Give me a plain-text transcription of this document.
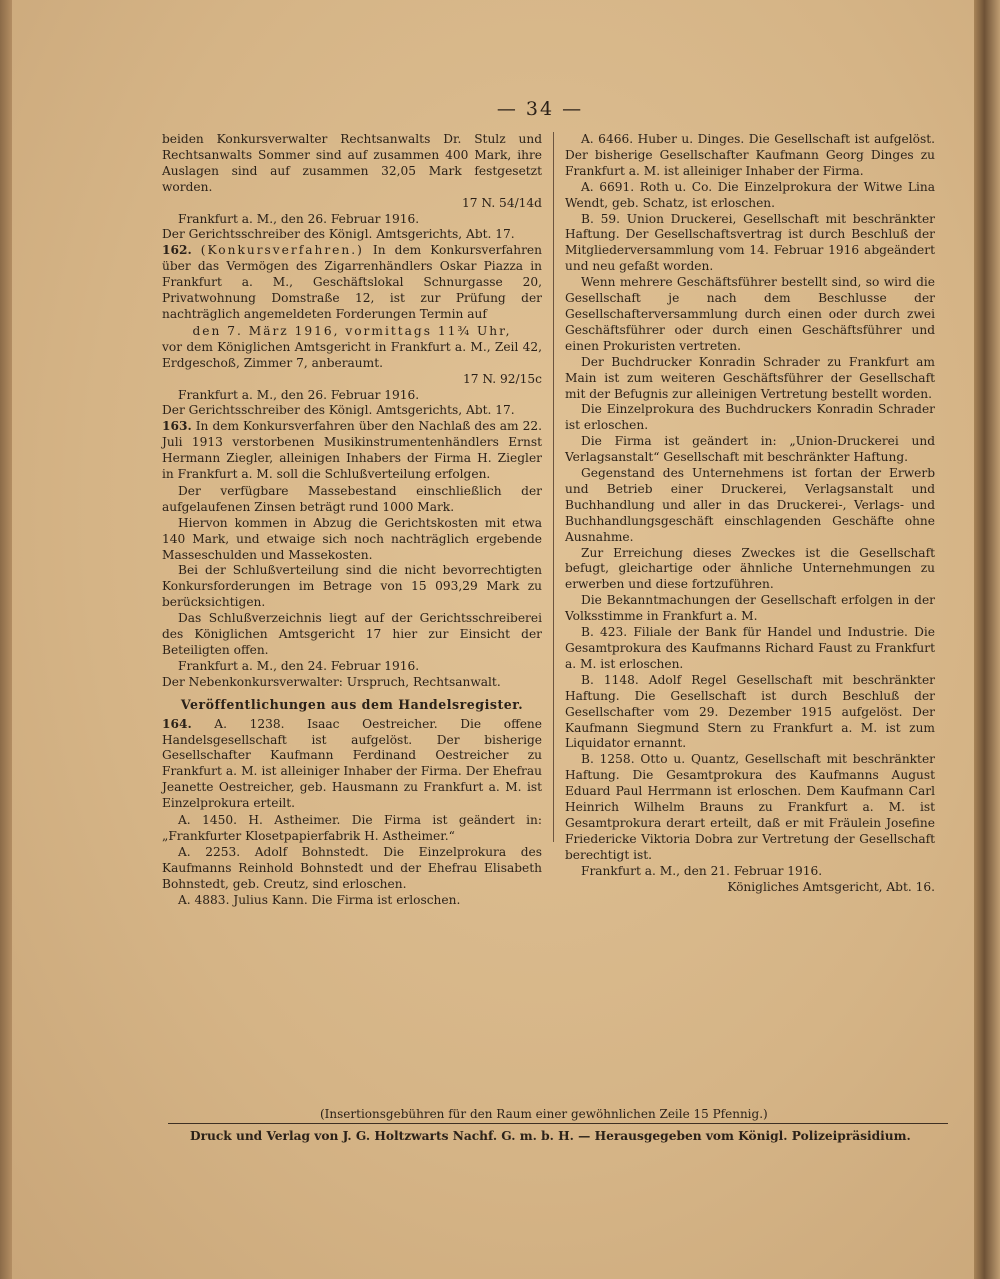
— 34 —

beiden Konkursverwalter Rechtsanwalts Dr. Stulz und Rechtsanwalts Sommer sind auf zusammen 400 Mark, ihre Auslagen sind auf zusammen 32,05 Mark festgesetzt worden.

17 N. 54/14d

Frankfurt a. M., den 26. Februar 1916.

Der Gerichtsschreiber des Königl. Amtsgerichts, Abt. 17.

162. (Konkursverfahren.) In dem Konkursverfahren über das Vermögen des Zigarrenhändlers Oskar Piazza in Frankfurt a. M., Geschäftslokal Schnurgasse 20, Privatwohnung Domstraße 12, ist zur Prüfung der nachträglich angemeldeten Forderungen Termin auf

den 7. März 1916, vormittags 11¾ Uhr,

vor dem Königlichen Amtsgericht in Frankfurt a. M., Zeil 42, Erdgeschoß, Zimmer 7, anberaumt.

17 N. 92/15c

Frankfurt a. M., den 26. Februar 1916.

Der Gerichtsschreiber des Königl. Amtsgerichts, Abt. 17.

163. In dem Konkursverfahren über den Nachlaß des am 22. Juli 1913 verstorbenen Musikinstrumentenhändlers Ernst Hermann Ziegler, alleinigen Inhabers der Firma H. Ziegler in Frankfurt a. M. soll die Schlußverteilung erfolgen.

Der verfügbare Massebestand einschließlich der aufgelaufenen Zinsen beträgt rund 1000 Mark.

Hiervon kommen in Abzug die Gerichtskosten mit etwa 140 Mark, und etwaige sich noch nachträglich ergebende Masseschulden und Massekosten.

Bei der Schlußverteilung sind die nicht bevorrechtigten Konkursforderungen im Betrage von 15 093,29 Mark zu berücksichtigen.

Das Schlußverzeichnis liegt auf der Gerichtsschreiberei des Königlichen Amtsgericht 17 hier zur Einsicht der Beteiligten offen.

Frankfurt a. M., den 24. Februar 1916.

Der Nebenkonkursverwalter: Urspruch, Rechtsanwalt.

Veröffentlichungen aus dem Handelsregister.

164. A. 1238. Isaac Oestreicher. Die offene Handelsgesellschaft ist aufgelöst. Der bisherige Gesellschafter Kaufmann Ferdinand Oestreicher zu Frankfurt a. M. ist alleiniger Inhaber der Firma. Der Ehefrau Jeanette Oestreicher, geb. Hausmann zu Frankfurt a. M. ist Einzelprokura erteilt.

A. 1450. H. Astheimer. Die Firma ist geändert in: „Frankfurter Klosetpapierfabrik H. Astheimer.“

A. 2253. Adolf Bohnstedt. Die Einzelprokura des Kaufmanns Reinhold Bohnstedt und der Ehefrau Elisabeth Bohnstedt, geb. Creutz, sind erloschen.

A. 4883. Julius Kann. Die Firma ist erloschen.

A. 6466. Huber u. Dinges. Die Gesellschaft ist aufgelöst. Der bisherige Gesellschafter Kaufmann Georg Dinges zu Frankfurt a. M. ist alleiniger Inhaber der Firma.

A. 6691. Roth u. Co. Die Einzelprokura der Witwe Lina Wendt, geb. Schatz, ist erloschen.

B. 59. Union Druckerei, Gesellschaft mit beschränkter Haftung. Der Gesellschaftsvertrag ist durch Beschluß der Mitgliederversammlung vom 14. Februar 1916 abgeändert und neu gefaßt worden.

Wenn mehrere Geschäftsführer bestellt sind, so wird die Gesellschaft je nach dem Beschlusse der Gesellschafterversammlung durch einen oder durch zwei Geschäftsführer oder durch einen Geschäftsführer und einen Prokuristen vertreten.

Der Buchdrucker Konradin Schrader zu Frankfurt am Main ist zum weiteren Geschäftsführer der Gesellschaft mit der Befugnis zur alleinigen Vertretung bestellt worden.

Die Einzelprokura des Buchdruckers Konradin Schrader ist erloschen.

Die Firma ist geändert in: „Union-Druckerei und Verlagsanstalt“ Gesellschaft mit beschränkter Haftung.

Gegenstand des Unternehmens ist fortan der Erwerb und Betrieb einer Druckerei, Verlagsanstalt und Buchhandlung und aller in das Druckerei-, Verlags- und Buchhandlungsgeschäft einschlagenden Geschäfte ohne Ausnahme.

Zur Erreichung dieses Zweckes ist die Gesellschaft befugt, gleichartige oder ähnliche Unternehmungen zu erwerben und diese fortzuführen.

Die Bekanntmachungen der Gesellschaft erfolgen in der Volksstimme in Frankfurt a. M.

B. 423. Filiale der Bank für Handel und Industrie. Die Gesamtprokura des Kaufmanns Richard Faust zu Frankfurt a. M. ist erloschen.

B. 1148. Adolf Regel Gesellschaft mit beschränkter Haftung. Die Gesellschaft ist durch Beschluß der Gesellschafter vom 29. Dezember 1915 aufgelöst. Der Kaufmann Siegmund Stern zu Frankfurt a. M. ist zum Liquidator ernannt.

B. 1258. Otto u. Quantz, Gesellschaft mit beschränkter Haftung. Die Gesamtprokura des Kaufmanns August Eduard Paul Herrmann ist erloschen. Dem Kaufmann Carl Heinrich Wilhelm Brauns zu Frankfurt a. M. ist Gesamtprokura derart erteilt, daß er mit Fräulein Josefine Friedericke Viktoria Dobra zur Vertretung der Gesellschaft berechtigt ist.

Frankfurt a. M., den 21. Februar 1916.

Königliches Amtsgericht, Abt. 16.
(Insertionsgebühren für den Raum einer gewöhnlichen Zeile 15 Pfennig.)
Druck und Verlag von J. G. Holtzwarts Nachf. G. m. b. H. — Herausgegeben vom Königl. Polizeipräsidium.
